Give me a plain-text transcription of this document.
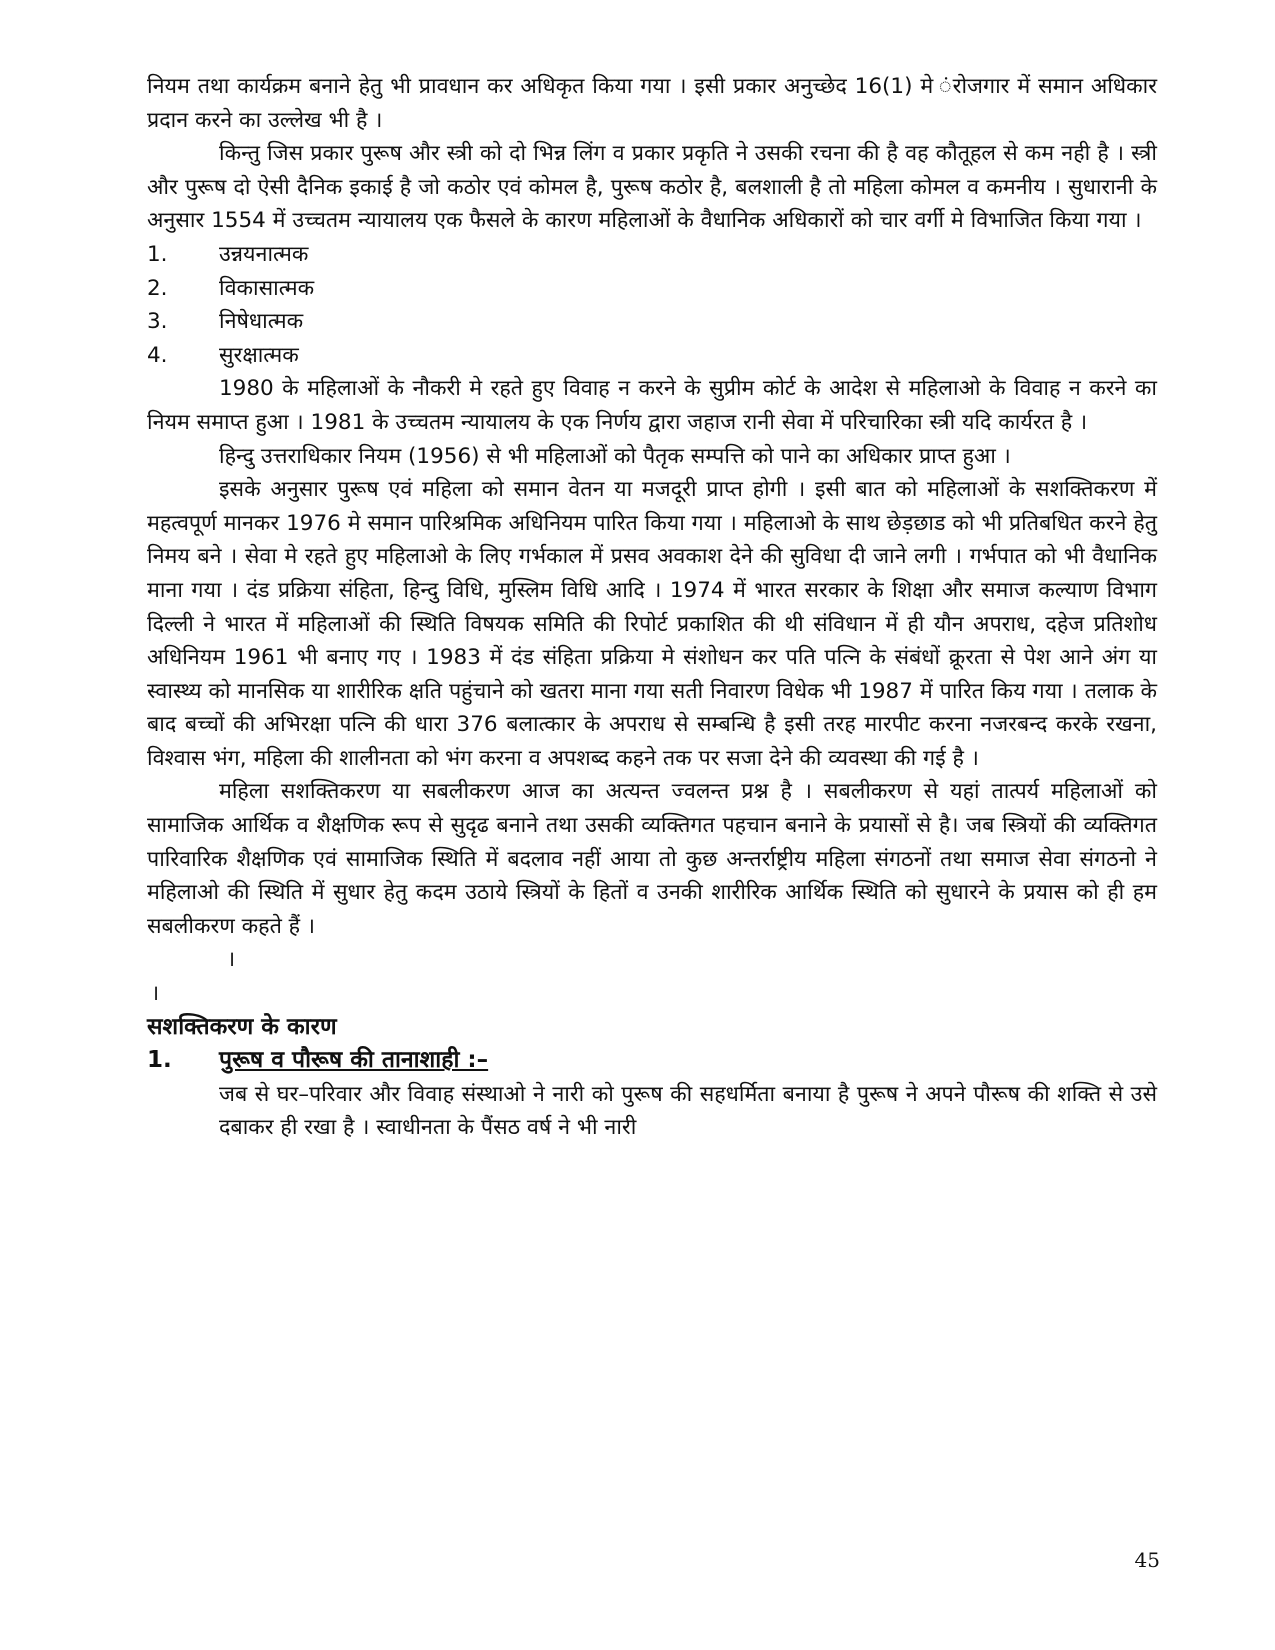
नियम तथा कार्यक्रम बनाने हेतु भी प्रावधान कर अधिकृत किया गया । इसी प्रकार अनुच्छेद 16(1) मे ंरोजगार में समान अधिकार प्रदान करने का उल्लेख भी है ।

किन्तु जिस प्रकार पुरूष और स्त्री को दो भिन्न लिंग व प्रकार प्रकृति ने उसकी रचना की है वह कौतूहल से कम नही है । स्त्री और पुरूष दो ऐसी दैनिक इकाई है जो कठोर एवं कोमल है, पुरूष कठोर है, बलशाली है तो महिला कोमल व कमनीय । सुधारानी के अनुसार 1554 में उच्चतम न्यायालय एक फैसले के कारण महिलाओं के वैधानिक अधिकारों को चार वर्गी मे विभाजित किया गया ।

1.	उन्नयनात्मक
2.	विकासात्मक
3.	निषेधात्मक
4.	सुरक्षात्मक

1980 के महिलाओं के नौकरी मे रहते हुए विवाह न करने के सुप्रीम कोर्ट के आदेश से महिलाओ के विवाह न करने का नियम समाप्त हुआ । 1981 के उच्चतम न्यायालय के एक निर्णय द्वारा जहाज रानी सेवा में परिचारिका स्त्री यदि कार्यरत है ।

हिन्दु उत्तराधिकार नियम (1956) से भी महिलाओं को पैतृक सम्पत्ति को पाने का अधिकार प्राप्त हुआ ।

इसके अनुसार पुरूष एवं महिला को समान वेतन या मजदूरी प्राप्त होगी । इसी बात को महिलाओं के सशक्तिकरण में महत्वपूर्ण मानकर 1976 मे समान पारिश्रमिक अधिनियम पारित किया गया । महिलाओ के साथ छेड़छाड को भी प्रतिबधित करने हेतु निमय बने । सेवा मे रहते हुए महिलाओ के लिए गर्भकाल में प्रसव अवकाश देने की सुविधा दी जाने लगी । गर्भपात को भी वैधानिक माना गया । दंड प्रक्रिया संहिता, हिन्दु विधि, मुस्लिम विधि आदि । 1974 में भारत सरकार के शिक्षा और समाज कल्याण विभाग दिल्ली ने भारत में महिलाओं की स्थिति विषयक समिति की रिपोर्ट प्रकाशित की थी संविधान में ही यौन अपराध, दहेज प्रतिशोध अधिनियम 1961 भी बनाए गए । 1983 में दंड संहिता प्रक्रिया मे संशोधन कर पति पत्नि के संबंधों क्रूरता से पेश आने अंग या स्वास्थ्य को मानसिक या शारीरिक क्षति पहुंचाने को खतरा माना गया सती निवारण विधेक भी 1987 में पारित किय गया । तलाक के बाद बच्चों की अभिरक्षा पत्नि की धारा 376 बलात्कार के अपराध से सम्बन्धि है इसी तरह मारपीट करना नजरबन्द करके रखना, विश्वास भंग, महिला की शालीनता को भंग करना व अपशब्द कहने तक पर सजा देने की व्यवस्था की गई है ।

महिला सशक्तिकरण या सबलीकरण आज का अत्यन्त ज्वलन्त प्रश्न है । सबलीकरण से यहां तात्पर्य महिलाओं को सामाजिक आर्थिक व शैक्षणिक रूप से सुदृढ बनाने तथा उसकी व्यक्तिगत पहचान बनाने के प्रयासों से है। जब स्त्रियों की व्यक्तिगत पारिवारिक शैक्षणिक एवं सामाजिक स्थिति में बदलाव नहीं आया तो कुछ अन्तर्राष्ट्रीय महिला संगठनों तथा समाज सेवा संगठनो ने महिलाओ की स्थिति में सुधार हेतु कदम उठाये स्त्रियों के हितों व उनकी शारीरिक आर्थिक स्थिति को सुधारने के प्रयास को ही हम सबलीकरण कहते हैं ।

।

।

सशक्तिकरण के कारण

1.	पुरूष व पौरूष की तानाशाही :–

जब से घर–परिवार और विवाह संस्थाओ ने नारी को पुरूष की सहधर्मिता बनाया है पुरूष ने अपने पौरूष की शक्ति से उसे दबाकर ही रखा है । स्वाधीनता के पैंसठ वर्ष ने भी नारी

45
